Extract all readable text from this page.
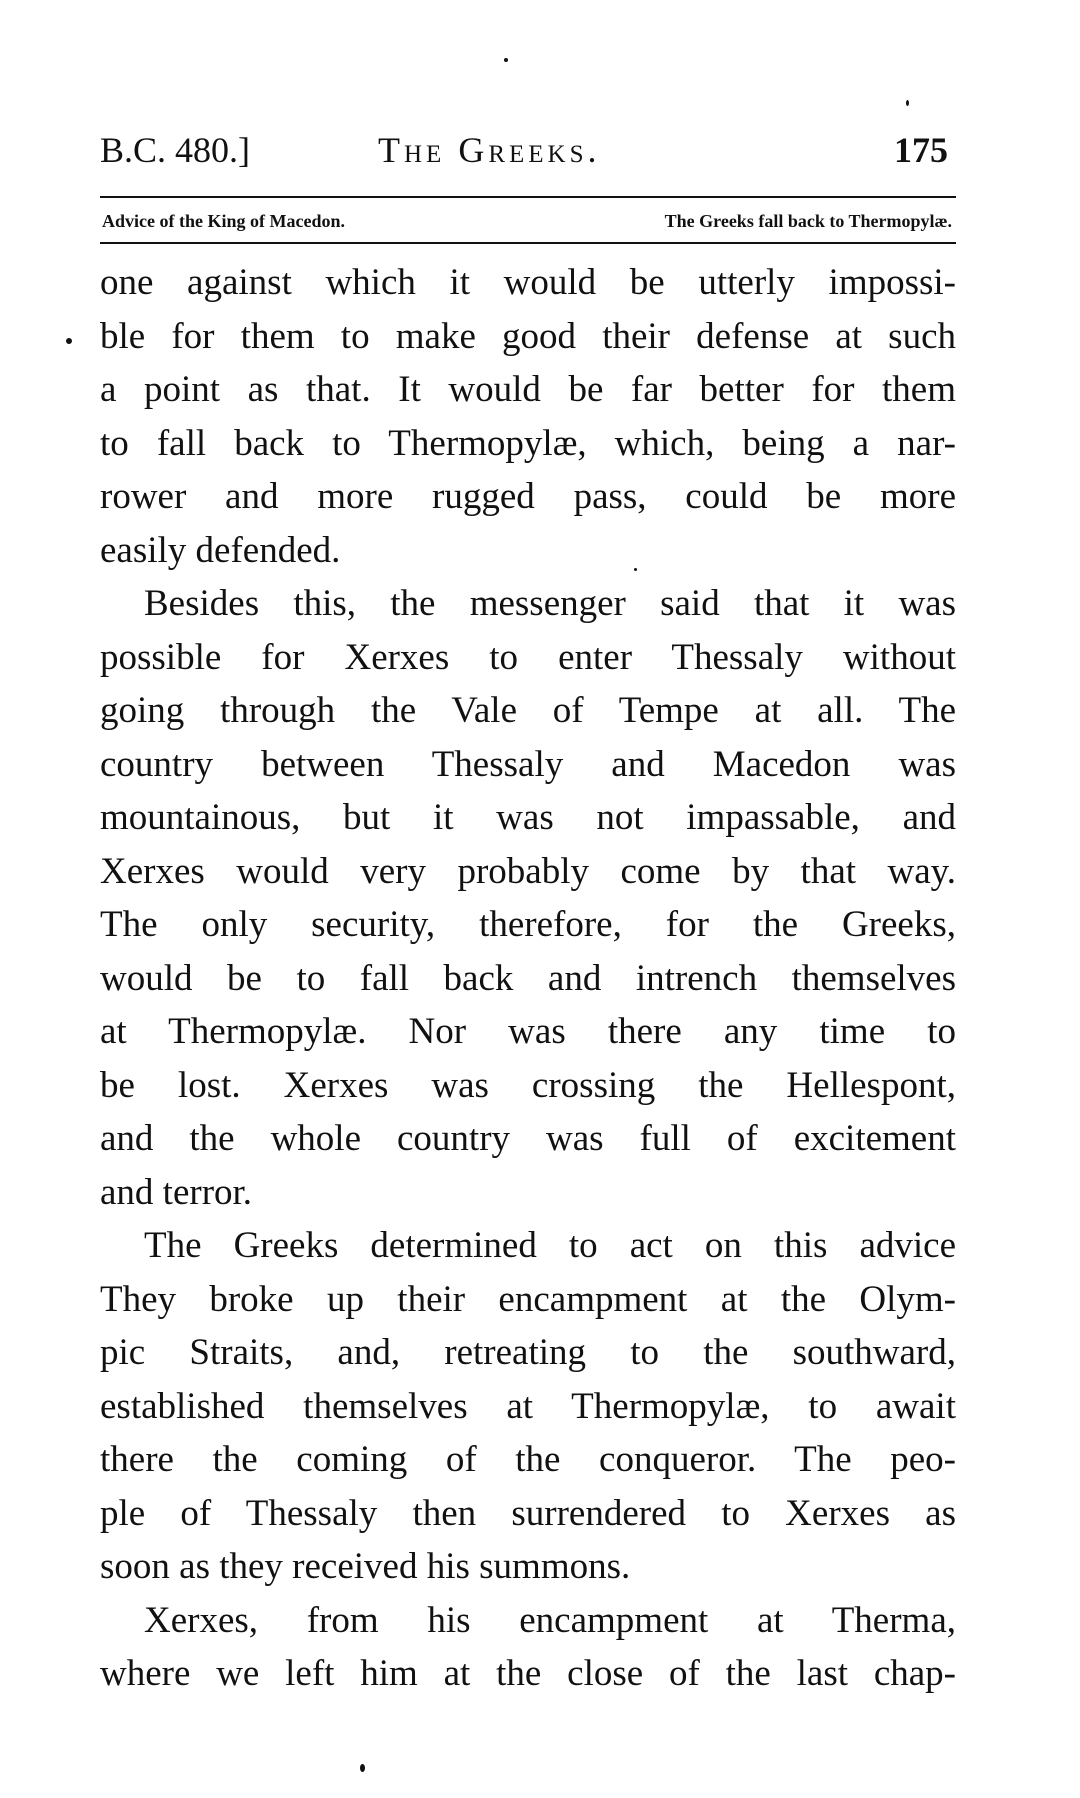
B.C. 480.]	The Greeks.	175
Advice of the King of Macedon.	The Greeks fall back to Thermopylæ.
one against which it would be utterly impossi-
ble for them to make good their defense at such
a point as that. It would be far better for them
to fall back to Thermopylæ, which, being a nar-
rower and more rugged pass, could be more
easily defended.
Besides this, the messenger said that it was
possible for Xerxes to enter Thessaly without
going through the Vale of Tempe at all. The
country between Thessaly and Macedon was
mountainous, but it was not impassable, and
Xerxes would very probably come by that way.
The only security, therefore, for the Greeks,
would be to fall back and intrench themselves
at Thermopylæ. Nor was there any time to
be lost. Xerxes was crossing the Hellespont,
and the whole country was full of excitement
and terror.
The Greeks determined to act on this advice
They broke up their encampment at the Olym-
pic Straits, and, retreating to the southward,
established themselves at Thermopylæ, to await
there the coming of the conqueror. The peo-
ple of Thessaly then surrendered to Xerxes as
soon as they received his summons.
Xerxes, from his encampment at Therma,
where we left him at the close of the last chap-
